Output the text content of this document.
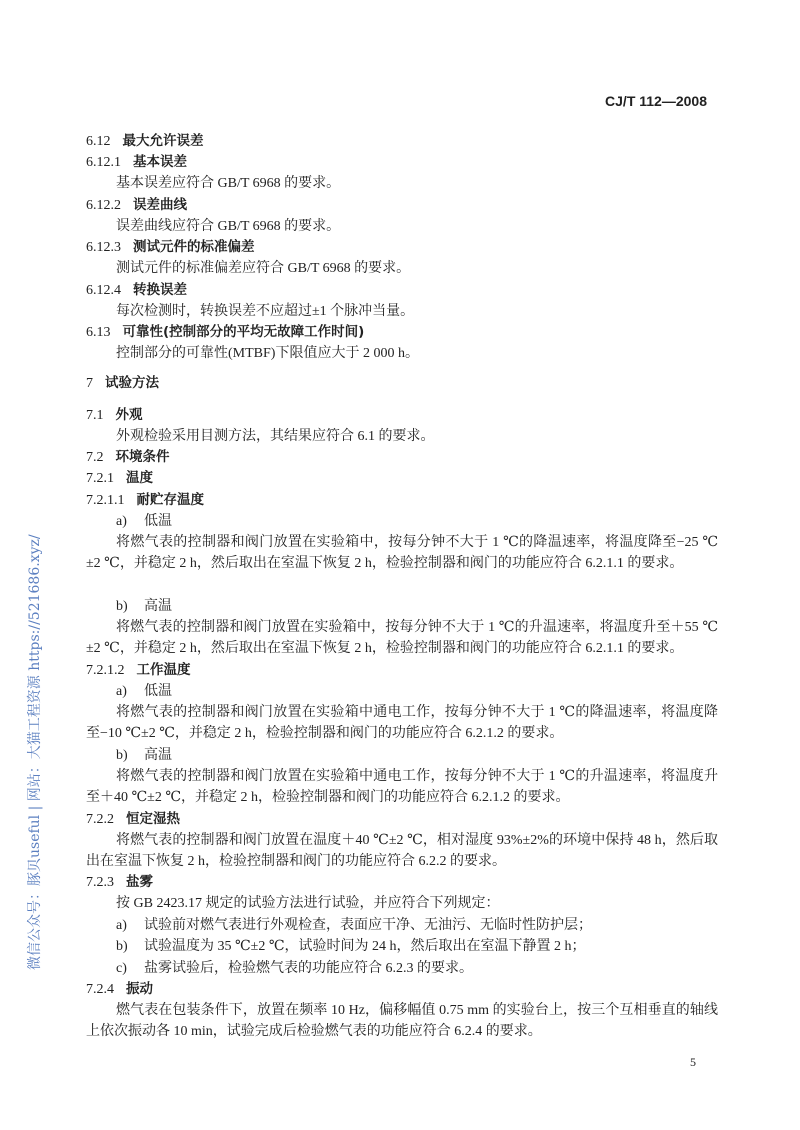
微信公众号：豚贝useful | 网站：大猫工程资源 https://521686.xyz/
CJ/T 112—2008
6.12 最大允许误差
6.12.1 基本误差
基本误差应符合 GB/T 6968 的要求。
6.12.2 误差曲线
误差曲线应符合 GB/T 6968 的要求。
6.12.3 测试元件的标准偏差
测试元件的标准偏差应符合 GB/T 6968 的要求。
6.12.4 转换误差
每次检测时，转换误差不应超过±1 个脉冲当量。
6.13 可靠性(控制部分的平均无故障工作时间)
控制部分的可靠性(MTBF)下限值应大于 2 000 h。
7 试验方法
7.1 外观
外观检验采用目测方法，其结果应符合 6.1 的要求。
7.2 环境条件
7.2.1 温度
7.2.1.1 耐贮存温度
a) 低温
将燃气表的控制器和阀门放置在实验箱中，按每分钟不大于 1 ℃的降温速率，将温度降至−25 ℃±2 ℃，并稳定 2 h，然后取出在室温下恢复 2 h，检验控制器和阀门的功能应符合 6.2.1.1 的要求。
b) 高温
将燃气表的控制器和阀门放置在实验箱中，按每分钟不大于 1 ℃的升温速率，将温度升至＋55 ℃±2 ℃，并稳定 2 h，然后取出在室温下恢复 2 h，检验控制器和阀门的功能应符合 6.2.1.1 的要求。
7.2.1.2 工作温度
a) 低温
将燃气表的控制器和阀门放置在实验箱中通电工作，按每分钟不大于 1 ℃的降温速率，将温度降至−10 ℃±2 ℃，并稳定 2 h，检验控制器和阀门的功能应符合 6.2.1.2 的要求。
b) 高温
将燃气表的控制器和阀门放置在实验箱中通电工作，按每分钟不大于 1 ℃的升温速率，将温度升至＋40 ℃±2 ℃，并稳定 2 h，检验控制器和阀门的功能应符合 6.2.1.2 的要求。
7.2.2 恒定湿热
将燃气表的控制器和阀门放置在温度＋40 ℃±2 ℃，相对湿度 93%±2%的环境中保持 48 h，然后取出在室温下恢复 2 h，检验控制器和阀门的功能应符合 6.2.2 的要求。
7.2.3 盐雾
按 GB 2423.17 规定的试验方法进行试验，并应符合下列规定：
a) 试验前对燃气表进行外观检查，表面应干净、无油污、无临时性防护层；
b) 试验温度为 35 ℃±2 ℃，试验时间为 24 h，然后取出在室温下静置 2 h；
c) 盐雾试验后，检验燃气表的功能应符合 6.2.3 的要求。
7.2.4 振动
燃气表在包装条件下，放置在频率 10 Hz，偏移幅值 0.75 mm 的实验台上，按三个互相垂直的轴线上依次振动各 10 min，试验完成后检验燃气表的功能应符合 6.2.4 的要求。
5
